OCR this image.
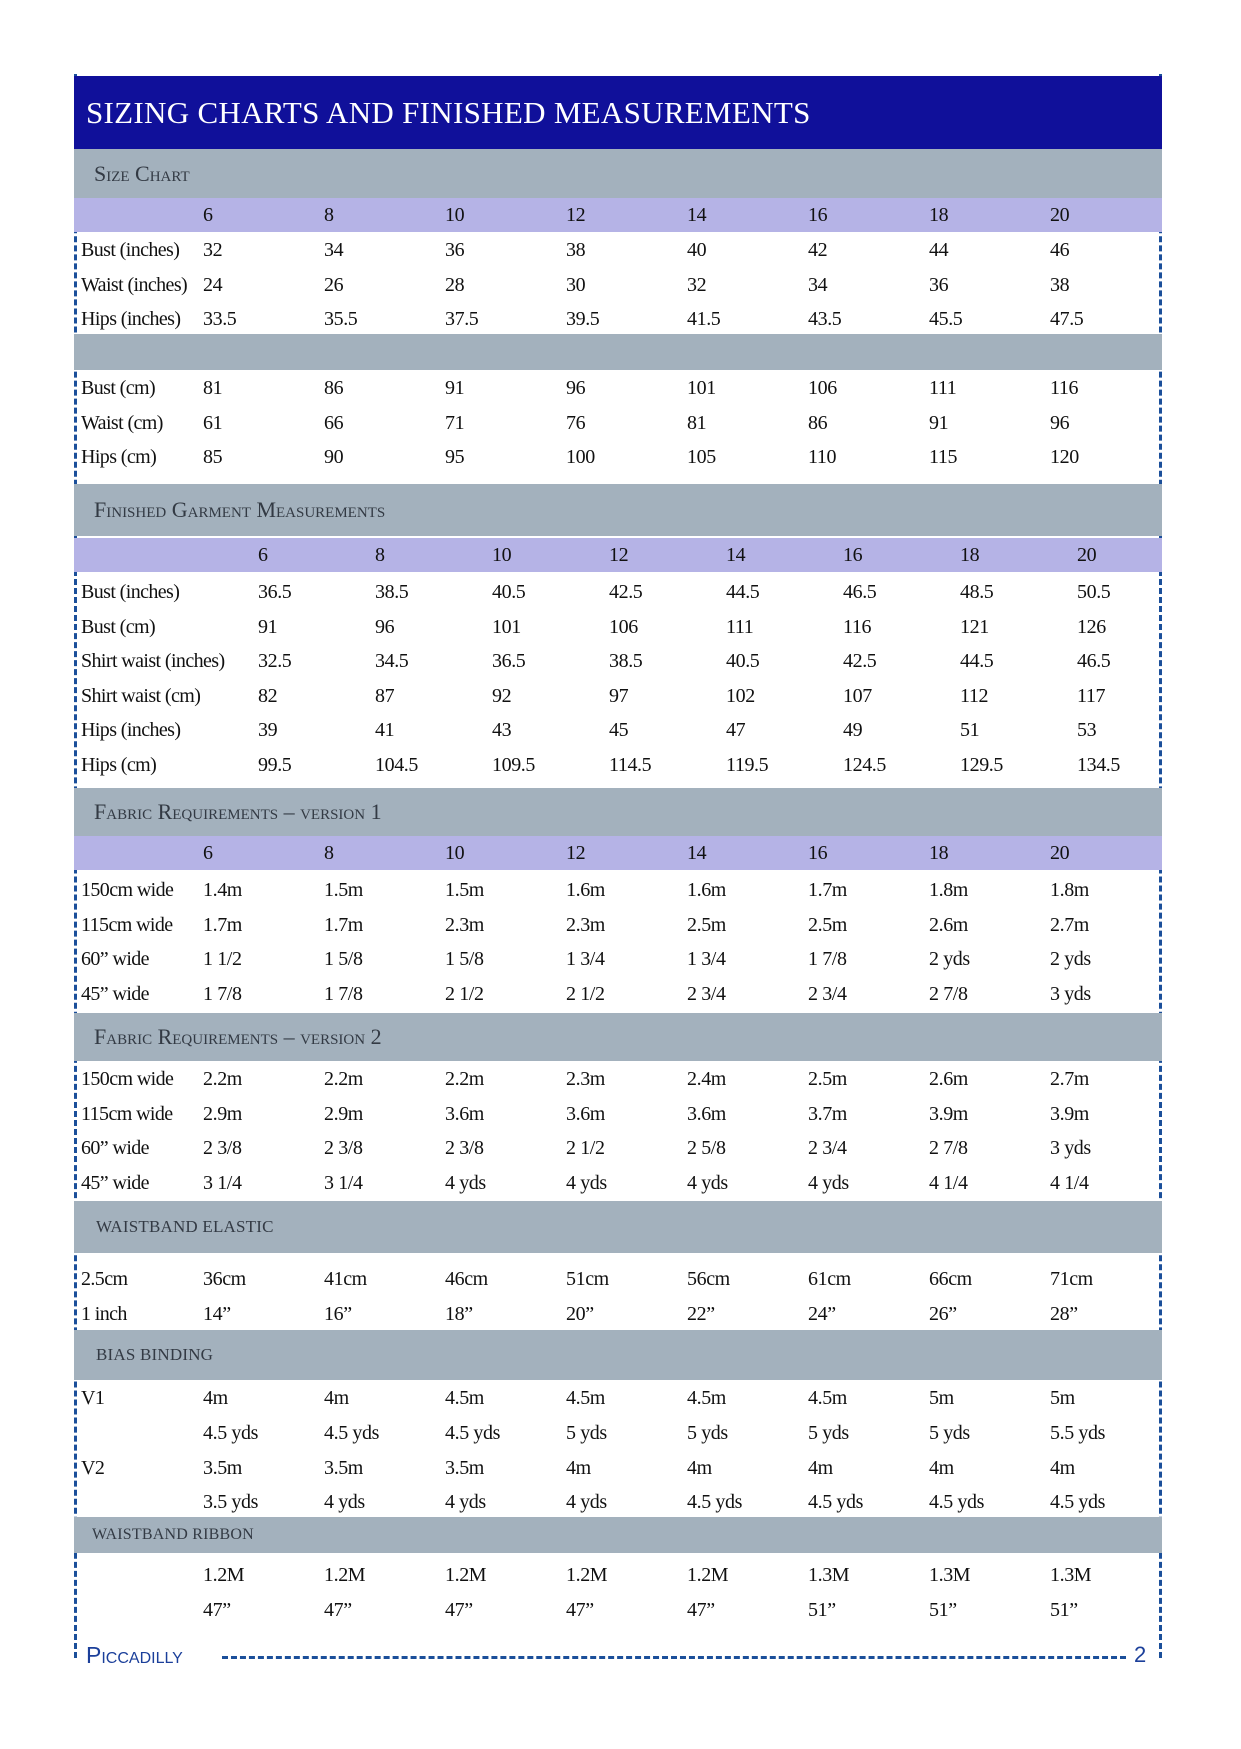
SIZING CHARTS AND FINISHED MEASUREMENTS
Size Chart
6	8	10	12	14	16	18	20
Bust (inches) 32	34	36	38	40	42	44	46
Waist (inches) 24	26	28	30	32	34	36	38
Hips (inches) 33.5	35.5	37.5	39.5	41.5	43.5	45.5	47.5
Bust (cm) 81	86	91	96	101	106	111	116
Waist (cm) 61	66	71	76	81	86	91	96
Hips (cm) 85	90	95	100	105	110	115	120
Finished Garment Measurements
6	8	10	12	14	16	18	20
Bust (inches)	36.5	38.5	40.5	42.5	44.5	46.5	48.5	50.5
Bust (cm)	91	96	101	106	111	116	121	126
Shirt waist (inches) 32.5	34.5	36.5	38.5	40.5	42.5	44.5	46.5
Shirt waist (cm)	82	87	92	97	102	107	112	117
Hips (inches)	39	41	43	45	47	49	51	53
Hips (cm)	99.5	104.5	109.5	114.5	119.5	124.5	129.5	134.5
Fabric Requirements – version 1
6	8	10	12	14	16	18	20
150cm wide 1.4m	1.5m	1.5m	1.6m	1.6m	1.7m	1.8m	1.8m
115cm wide 1.7m	1.7m	2.3m	2.3m	2.5m	2.5m	2.6m	2.7m
60” wide	1 1/2	1 5/8	1 5/8	1 3/4	1 3/4	1 7/8	2 yds	2 yds
45” wide	1 7/8	1 7/8	2 1/2	2 1/2	2 3/4	2 3/4	2 7/8	3 yds
Fabric Requirements – version 2
150cm wide 2.2m	2.2m	2.2m	2.3m	2.4m	2.5m	2.6m	2.7m
115cm wide 2.9m	2.9m	3.6m	3.6m	3.6m	3.7m	3.9m	3.9m
60” wide	2 3/8	2 3/8	2 3/8	2 1/2	2 5/8	2 3/4	2 7/8	3 yds
45” wide	3 1/4	3 1/4	4 yds	4 yds	4 yds	4 yds	4 1/4	4 1/4
WAISTBAND ELASTIC
2.5cm	36cm	41cm	46cm	51cm	56cm	61cm	66cm	71cm
1 inch	14”	16”	18”	20”	22”	24”	26”	28”
BIAS BINDING
V1	4m	4m	4.5m	4.5m	4.5m	4.5m	5m	5m
4.5 yds	4.5 yds	4.5 yds	5 yds	5 yds	5 yds	5 yds	5.5 yds
V2	3.5m	3.5m	3.5m	4m	4m	4m	4m	4m
3.5 yds	4 yds	4 yds	4 yds	4.5 yds	4.5 yds	4.5 yds	4.5 yds
WAISTBAND RIBBON
1.2M	1.2M	1.2M	1.2M	1.2M	1.3M	1.3M	1.3M
47”	47”	47”	47”	47”	51”	51”	51”
Piccadilly	2
